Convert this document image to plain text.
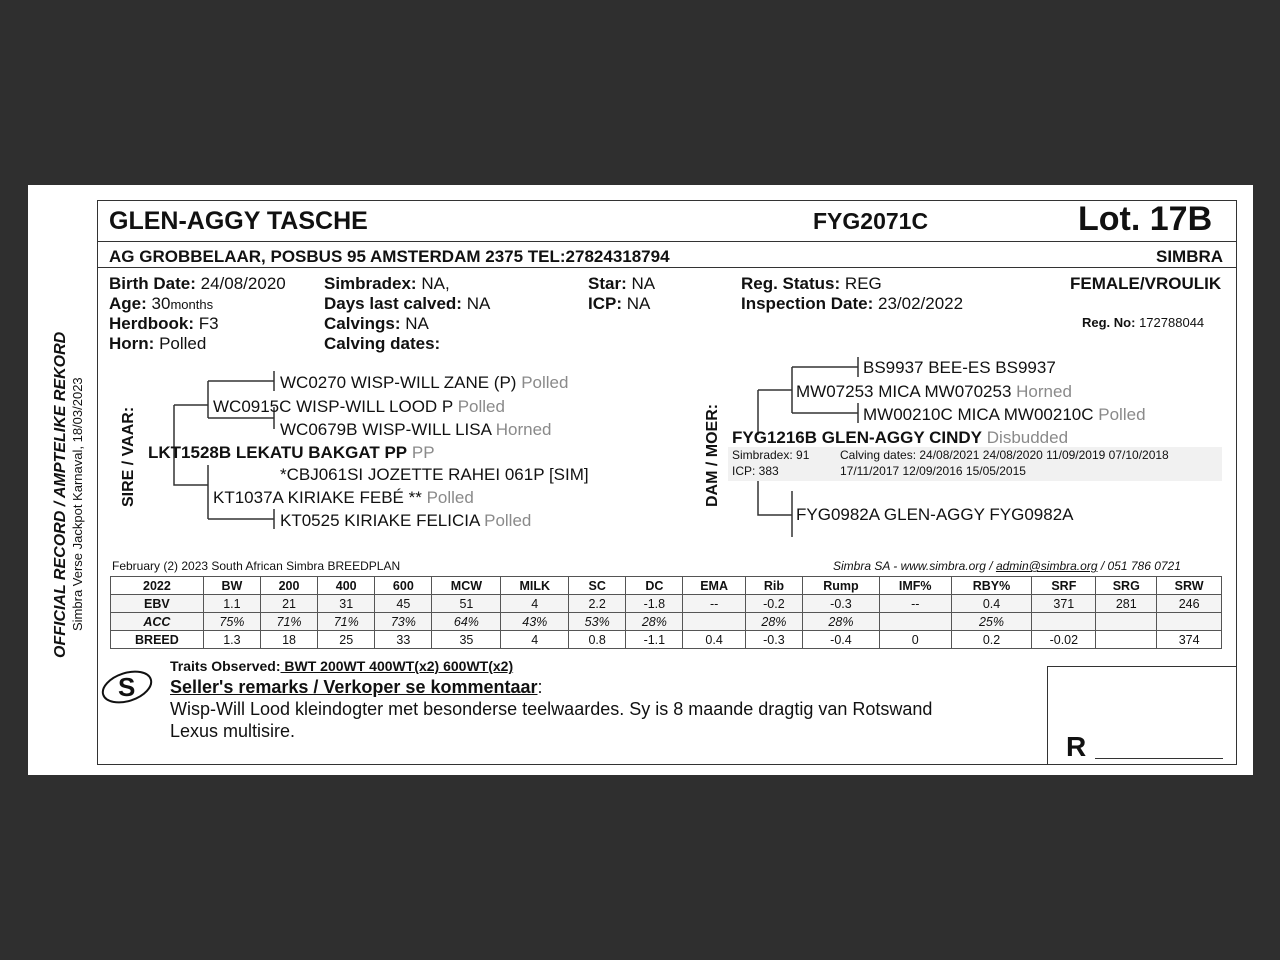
OFFICIAL RECORD / AMPTELIKE REKORD Simbra Verse Jackpot Karnaval, 18/03/2023
GLEN-AGGY TASCHE	FYG2071C	Lot. 17B
AG GROBBELAAR, POSBUS 95 AMSTERDAM 2375 TEL:27824318794	SIMBRA
Birth Date: 24/08/2020
Age: 30months
Herdbook: F3
Horn: Polled
Simbradex: NA,
Days last calved: NA
Calvings: NA
Calving dates:
Star: NA
ICP: NA
Reg. Status: REG
Inspection Date: 23/02/2022
FEMALE/VROULIK
Reg. No: 172788044
SIRE / VAAR:
WC0270 WISP-WILL ZANE (P) Polled
WC0915C WISP-WILL LOOD P Polled
WC0679B WISP-WILL LISA Horned
LKT1528B LEKATU BAKGAT PP PP
*CBJ061SI JOZETTE RAHEI 061P [SIM]
KT1037A KIRIAKE FEBÉ ** Polled
KT0525 KIRIAKE FELICIA Polled
DAM / MOER:
BS9937 BEE-ES BS9937
MW07253 MICA MW070253 Horned
MW00210C MICA MW00210C Polled
FYG1216B GLEN-AGGY CINDY Disbudded
Simbradex: 91
ICP: 383
Calving dates: 24/08/2021 24/08/2020 11/09/2019 07/10/2018
17/11/2017 12/09/2016 15/05/2015
FYG0982A GLEN-AGGY FYG0982A
February (2) 2023 South African Simbra BREEDPLAN	Simbra SA - www.simbra.org / admin@simbra.org / 051 786 0721
2022	BW	200	400	600	MCW	MILK	SC	DC	EMA	Rib	Rump	IMF%	RBY%	SRF	SRG	SRW
EBV	1.1	21	31	45	51	4	2.2	-1.8	--	-0.2	-0.3	--	0.4	371	281	246
ACC	75%	71%	71%	73%	64%	43%	53%	28%		28%	28%		25%			
BREED	1.3	18	25	33	35	4	0.8	-1.1	0.4	-0.3	-0.4	0	0.2	-0.02		374
Traits Observed: BWT 200WT 400WT(x2) 600WT(x2)
S Seller's remarks / Verkoper se kommentaar:
Wisp-Will Lood kleindogter met besonderse teelwaardes. Sy is 8 maande dragtig van Rotswand
Lexus multisire.	R
